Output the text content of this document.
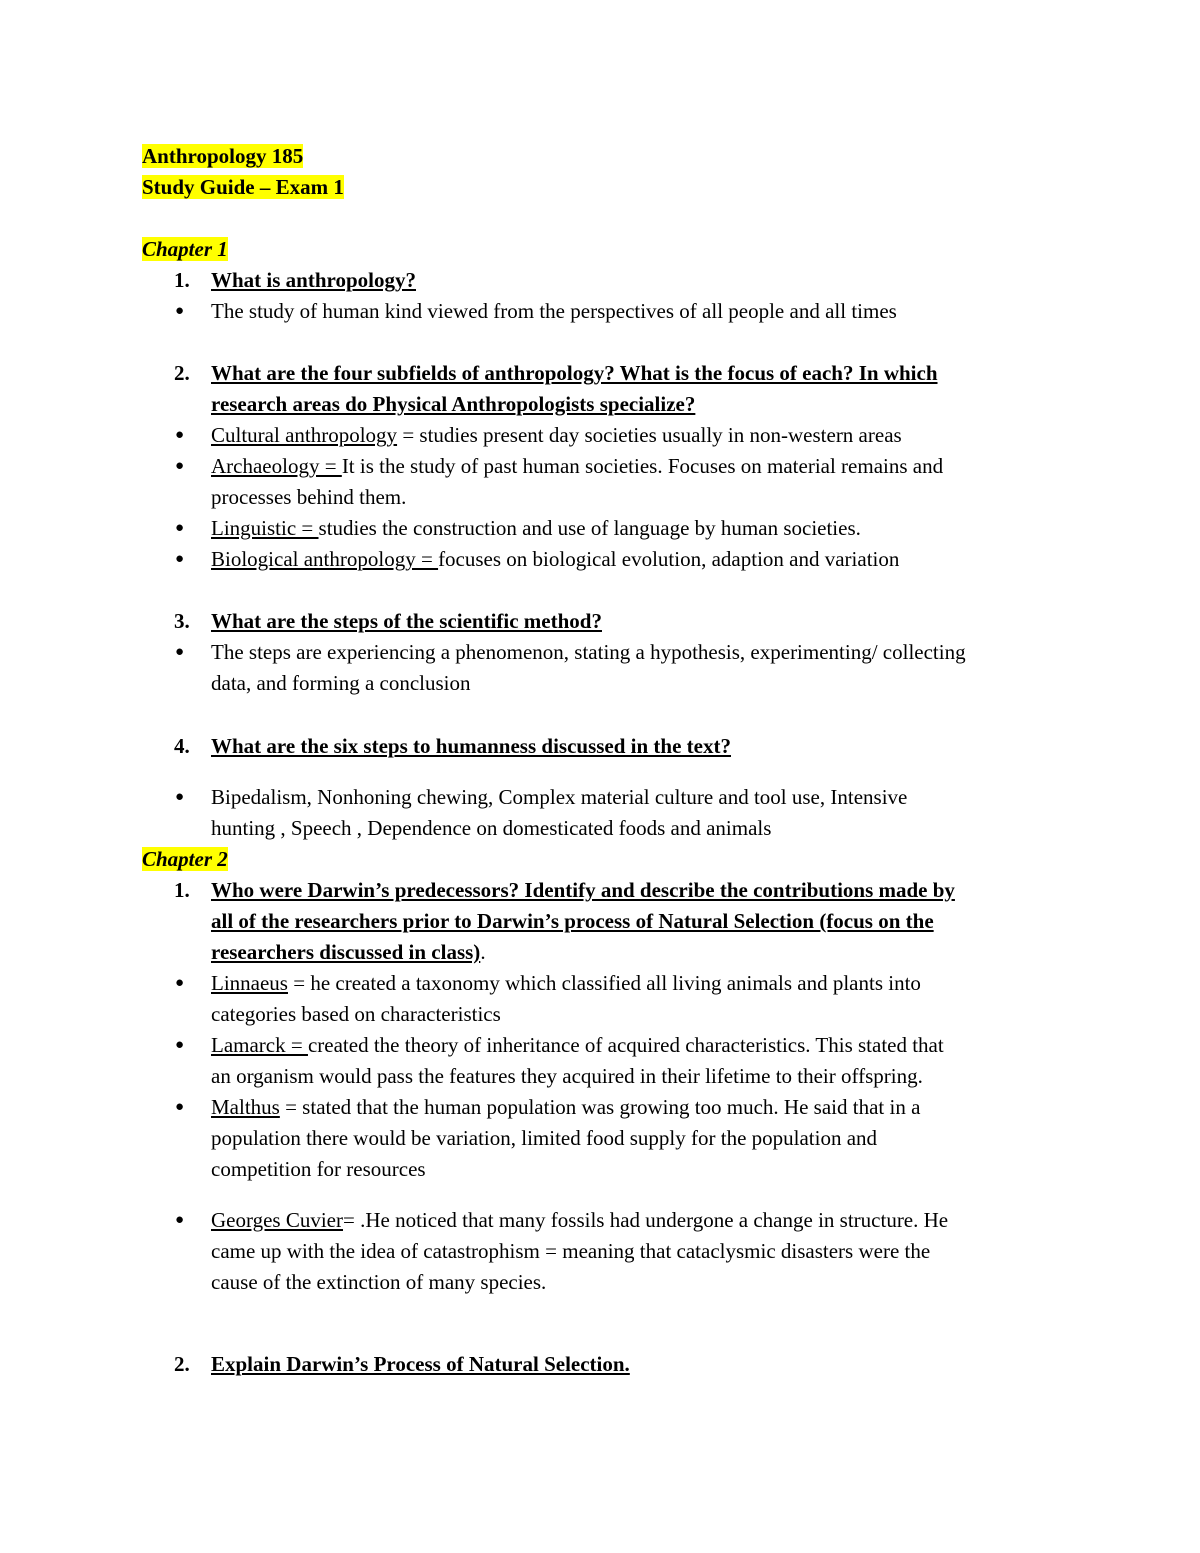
Anthropology 185
Study Guide – Exam 1
Chapter 1
1. What is anthropology?
● The study of human kind viewed from the perspectives of all people and all times
2. What are the four subfields of anthropology? What is the focus of each? In which
research areas do Physical Anthropologists specialize?
● Cultural anthropology = studies present day societies usually in non-western areas
● Archaeology = It is the study of past human societies. Focuses on material remains and
processes behind them.
● Linguistic = studies the construction and use of language by human societies.
● Biological anthropology = focuses on biological evolution, adaption and variation
3. What are the steps of the scientific method?
● The steps are experiencing a phenomenon, stating a hypothesis, experimenting/ collecting
data, and forming a conclusion
4. What are the six steps to humanness discussed in the text?
● Bipedalism, Nonhoning chewing, Complex material culture and tool use, Intensive
hunting , Speech , Dependence on domesticated foods and animals
Chapter 2
1. Who were Darwin’s predecessors? Identify and describe the contributions made by
all of the researchers prior to Darwin’s process of Natural Selection (focus on the
researchers discussed in class).
● Linnaeus = he created a taxonomy which classified all living animals and plants into
categories based on characteristics
● Lamarck = created the theory of inheritance of acquired characteristics. This stated that
an organism would pass the features they acquired in their lifetime to their offspring.
● Malthus = stated that the human population was growing too much. He said that in a
population there would be variation, limited food supply for the population and
competition for resources
● Georges Cuvier= .He noticed that many fossils had undergone a change in structure. He
came up with the idea of catastrophism = meaning that cataclysmic disasters were the
cause of the extinction of many species.
2. Explain Darwin’s Process of Natural Selection.
